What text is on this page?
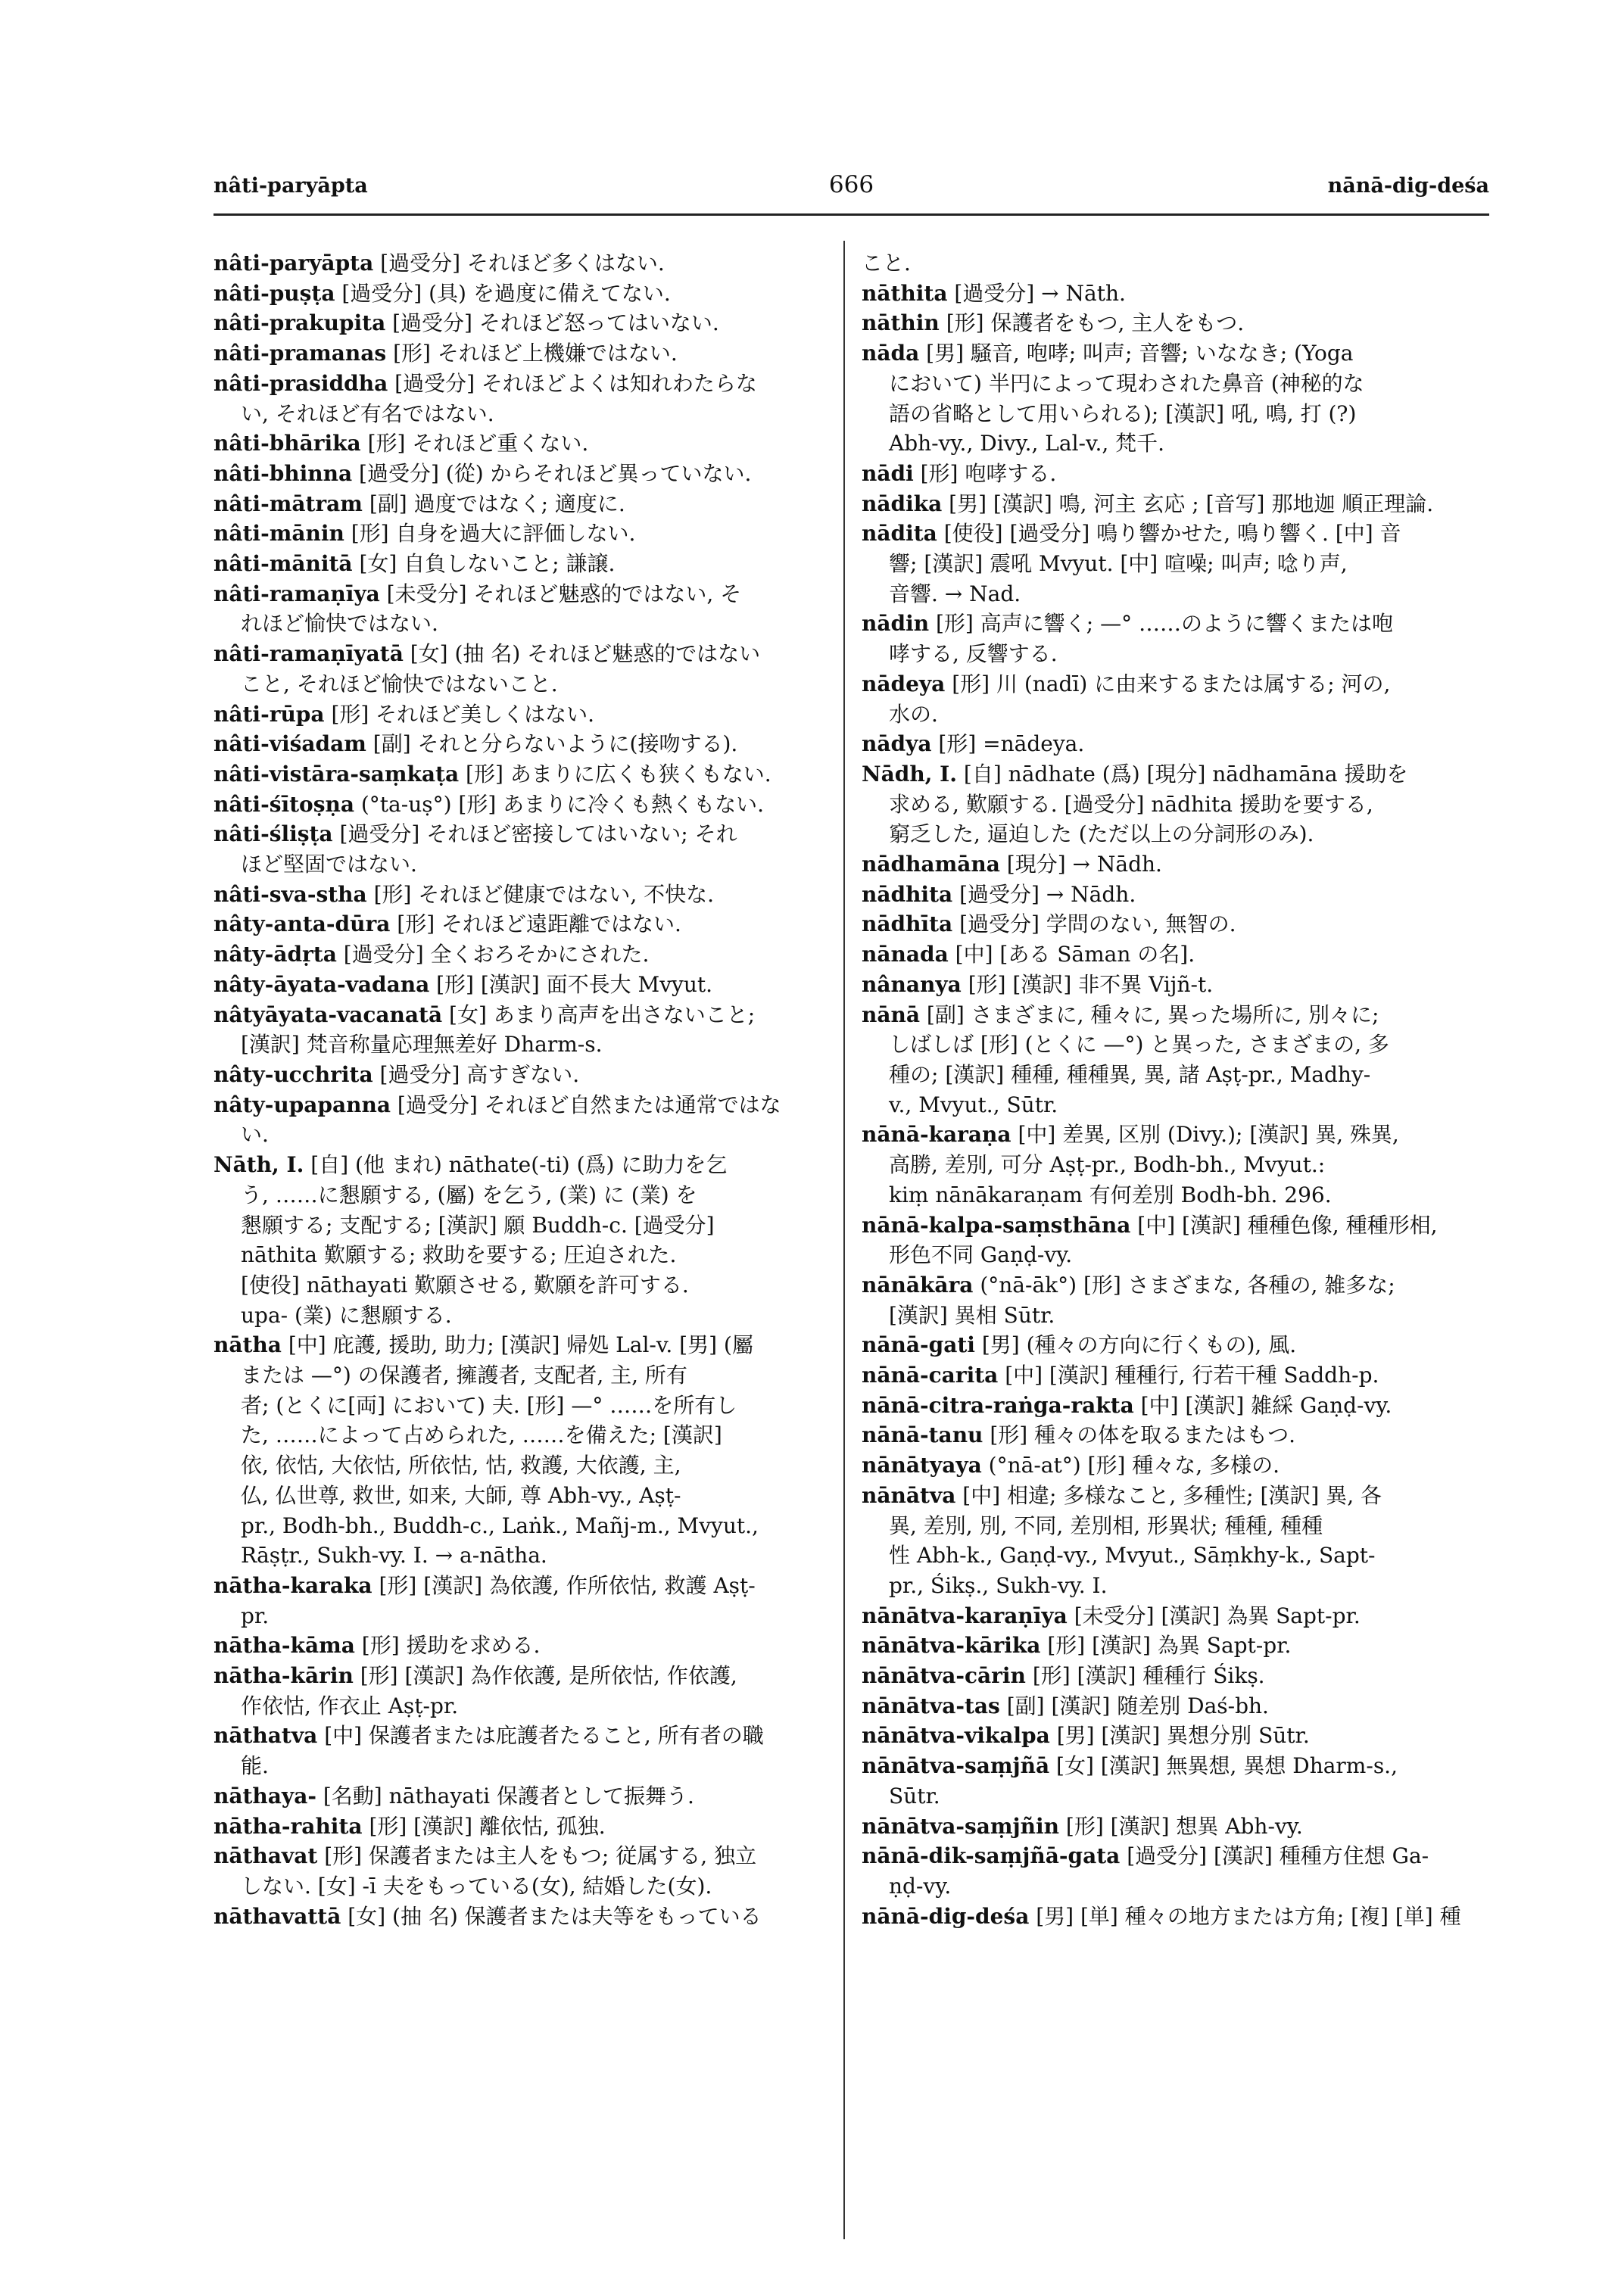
nâti-paryāpta	666	nānā-dig-deśa

nâti-paryāpta [過受分] それほど多くはない.

nâti-puṣṭa [過受分] (具) を過度に備えてない.

nâti-prakupita [過受分] それほど怒ってはいない.

nâti-pramanas [形] それほど上機嫌ではない.

nâti-prasiddha [過受分] それほどよくは知れわたらな

い, それほど有名ではない.

nâti-bhārika [形] それほど重くない.

nâti-bhinna [過受分] (從) からそれほど異っていない.

nâti-mātram [副] 過度ではなく; 適度に.

nâti-mānin [形] 自身を過大に評価しない.

nâti-mānitā [女] 自負しないこと; 謙譲.

nâti-ramaṇīya [未受分] それほど魅惑的ではない, そ

れほど愉快ではない.

nâti-ramaṇīyatā [女] (抽 名) それほど魅惑的ではない

こと, それほど愉快ではないこと.

nâti-rūpa [形] それほど美しくはない.

nâti-viśadam [副] それと分らないように(接吻する).

nâti-vistāra-saṃkaṭa [形] あまりに広くも狭くもない.

nâti-śītoṣṇa (°ta-uṣ°) [形] あまりに冷くも熱くもない.

nâti-śliṣṭa [過受分] それほど密接してはいない; それ

ほど堅固ではない.

nâti-sva-stha [形] それほど健康ではない, 不快な.

nâty-anta-dūra [形] それほど遠距離ではない.

nâty-ādṛta [過受分] 全くおろそかにされた.

nâty-āyata-vadana [形] [漢訳] 面不長大 Mvyut.

nâtyāyata-vacanatā [女] あまり高声を出さないこと;

[漢訳] 梵音称量応理無差好 Dharm-s.

nâty-ucchrita [過受分] 高すぎない.

nâty-upapanna [過受分] それほど自然または通常ではな

い.

Nāth, I. [自] (他 まれ) nāthate(-ti) (爲) に助力を乞

う, ……に懇願する, (屬) を乞う, (業) に (業) を

懇願する; 支配する; [漢訳] 願 Buddh-c. [過受分]

nāthita 歎願する; 救助を要する; 圧迫された.

[使役] nāthayati 歎願させる, 歎願を許可する.

upa- (業) に懇願する.

nātha [中] 庇護, 援助, 助力; [漢訳] 帰処 Lal-v. [男] (屬

または —°) の保護者, 擁護者, 支配者, 主, 所有

者; (とくに[両] において) 夫. [形] —° ……を所有し

た, ……によって占められた, ……を備えた; [漢訳]

依, 依怙, 大依怙, 所依怙, 怙, 救護, 大依護, 主,

仏, 仏世尊, 救世, 如来, 大師, 尊 Abh-vy., Aṣṭ-

pr., Bodh-bh., Buddh-c., Laṅk., Mañj-m., Mvyut.,

Rāṣṭr., Sukh-vy. I. → a-nātha.

nātha-karaka [形] [漢訳] 為依護, 作所依怙, 救護 Aṣṭ-

pr.

nātha-kāma [形] 援助を求める.

nātha-kārin [形] [漢訳] 為作依護, 是所依怙, 作依護,

作依怙, 作衣止 Aṣṭ-pr.

nāthatva [中] 保護者または庇護者たること, 所有者の職

能.

nāthaya- [名動] nāthayati 保護者として振舞う.

nātha-rahita [形] [漢訳] 離依怙, 孤独.

nāthavat [形] 保護者または主人をもつ; 従属する, 独立

しない. [女] -ī 夫をもっている(女), 結婚した(女).

nāthavattā [女] (抽 名) 保護者または夫等をもっている

こと.

nāthita [過受分] → Nāth.

nāthin [形] 保護者をもつ, 主人をもつ.

nāda [男] 騒音, 咆哮; 叫声; 音響; いななき; (Yoga

において) 半円によって現わされた鼻音 (神秘的な

語の省略として用いられる); [漢訳] 吼, 鳴, 打 (?)

Abh-vy., Divy., Lal-v., 梵千.

nādi [形] 咆哮する.

nādika [男] [漢訳] 鳴, 河主 玄応 ; [音写] 那地迦 順正理論.

nādita [使役] [過受分] 鳴り響かせた, 鳴り響く. [中] 音

響; [漢訳] 震吼 Mvyut. [中] 喧噪; 叫声; 唸り声,

音響. → Nad.

nādin [形] 高声に響く; —° ……のように響くまたは咆

哮する, 反響する.

nādeya [形] 川 (nadī) に由来するまたは属する; 河の,

水の.

nādya [形] =nādeya.

Nādh, I. [自] nādhate (爲) [現分] nādhamāna 援助を

求める, 歎願する. [過受分] nādhita 援助を要する,

窮乏した, 逼迫した (ただ以上の分詞形のみ).

nādhamāna [現分] → Nādh.

nādhita [過受分] → Nādh.

nādhīta [過受分] 学問のない, 無智の.

nānada [中] [ある Sāman の名].

nânanya [形] [漢訳] 非不異 Vijñ-t.

nānā [副] さまざまに, 種々に, 異った場所に, 別々に;

しばしば [形] (とくに —°) と異った, さまざまの, 多

種の; [漢訳] 種種, 種種異, 異, 諸 Aṣṭ-pr., Madhy-

v., Mvyut., Sūtr.

nānā-karaṇa [中] 差異, 区別 (Divy.); [漢訳] 異, 殊異,

高勝, 差別, 可分 Aṣṭ-pr., Bodh-bh., Mvyut.:

kiṃ nānākaraṇam 有何差別 Bodh-bh. 296.

nānā-kalpa-saṃsthāna [中] [漢訳] 種種色像, 種種形相,

形色不同 Gaṇḍ-vy.

nānākāra (°nā-āk°) [形] さまざまな, 各種の, 雑多な;

[漢訳] 異相 Sūtr.

nānā-gati [男] (種々の方向に行くもの), 風.

nānā-carita [中] [漢訳] 種種行, 行若干種 Saddh-p.

nānā-citra-raṅga-rakta [中] [漢訳] 雑綵 Gaṇḍ-vy.

nānā-tanu [形] 種々の体を取るまたはもつ.

nānātyaya (°nā-at°) [形] 種々な, 多様の.

nānātva [中] 相違; 多様なこと, 多種性; [漢訳] 異, 各

異, 差別, 別, 不同, 差別相, 形異状; 種種, 種種

性 Abh-k., Gaṇḍ-vy., Mvyut., Sāṃkhy-k., Sapt-

pr., Śikṣ., Sukh-vy. I.

nānātva-karaṇīya [未受分] [漢訳] 為異 Sapt-pr.

nānātva-kārika [形] [漢訳] 為異 Sapt-pr.

nānātva-cārin [形] [漢訳] 種種行 Śikṣ.

nānātva-tas [副] [漢訳] 随差別 Daś-bh.

nānātva-vikalpa [男] [漢訳] 異想分別 Sūtr.

nānātva-saṃjñā [女] [漢訳] 無異想, 異想 Dharm-s.,

Sūtr.

nānātva-saṃjñin [形] [漢訳] 想異 Abh-vy.

nānā-dik-saṃjñā-gata [過受分] [漢訳] 種種方住想 Ga-

ṇḍ-vy.

nānā-dig-deśa [男] [単] 種々の地方または方角; [複] [単] 種
